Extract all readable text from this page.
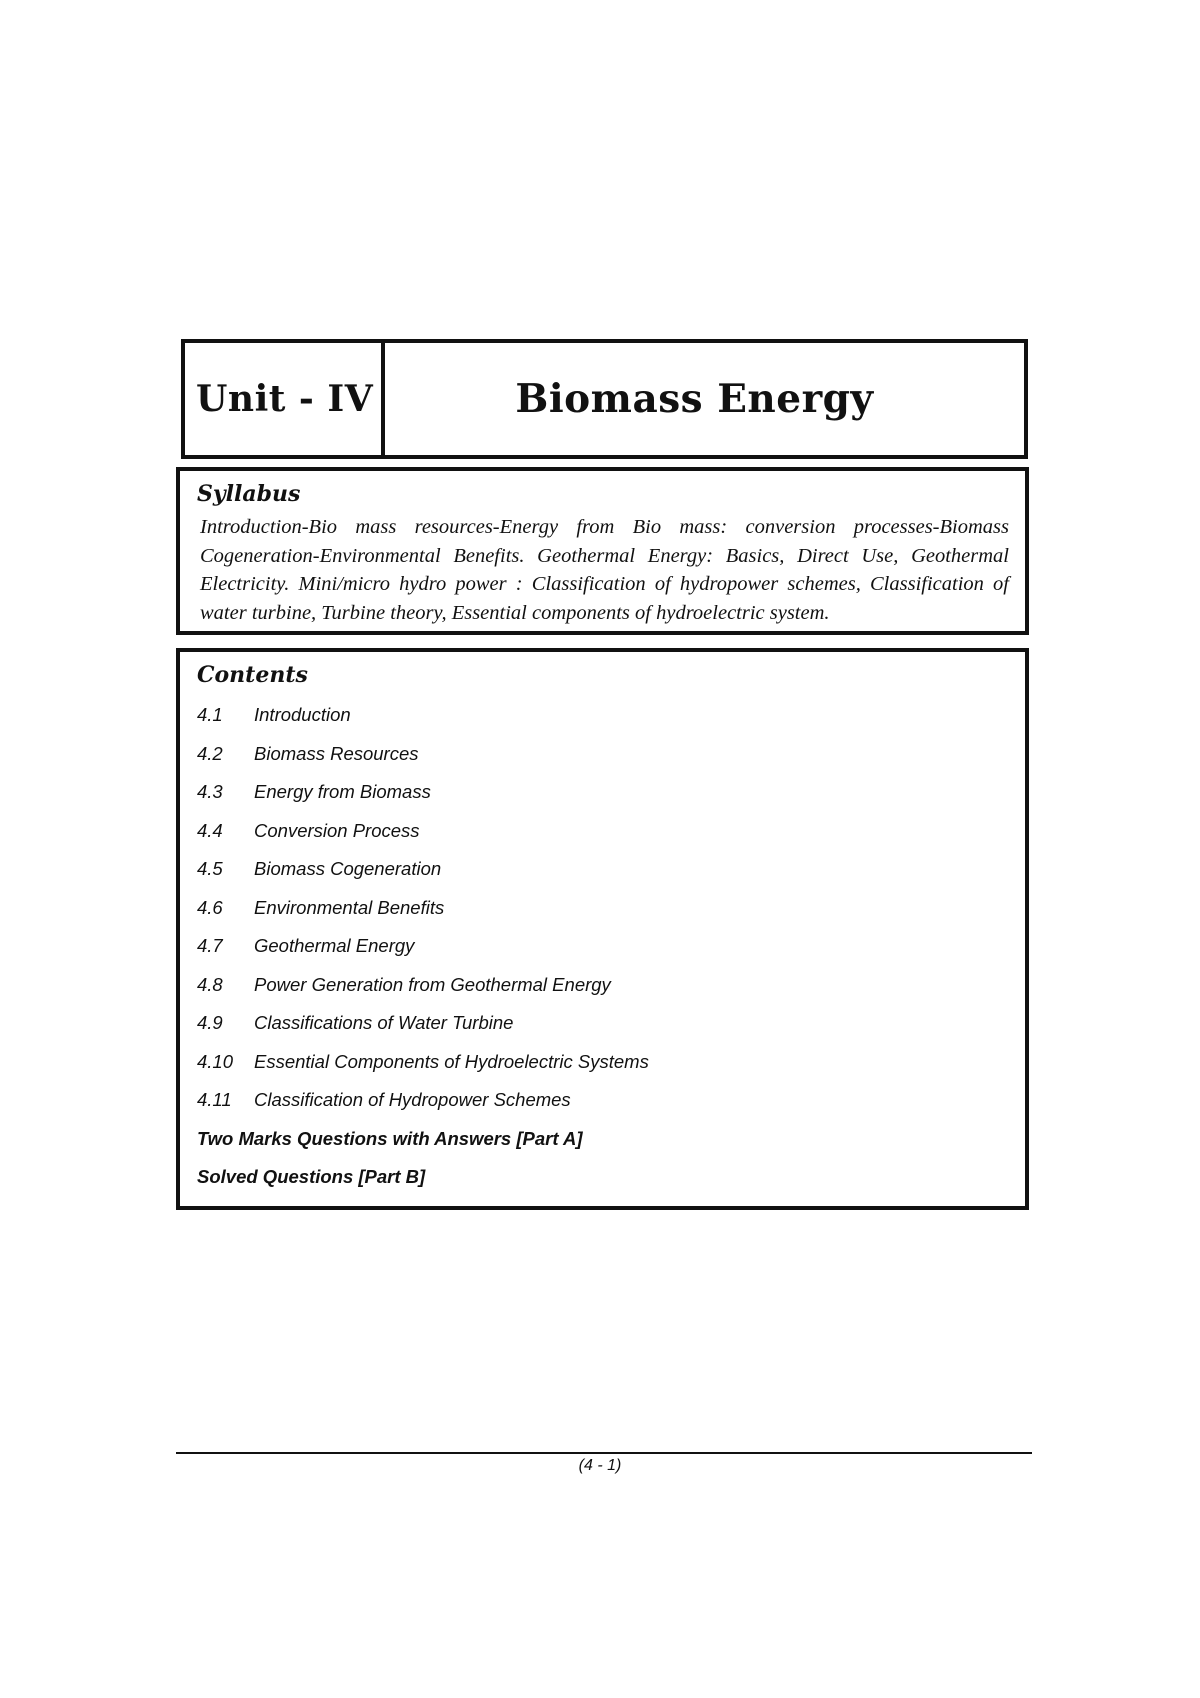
Unit - IV	Biomass Energy
Syllabus
Introduction-Bio mass resources-Energy from Bio mass: conversion processes-Biomass Cogeneration-Environmental Benefits. Geothermal Energy: Basics, Direct Use, Geothermal Electricity. Mini/micro hydro power : Classification of hydropower schemes, Classification of water turbine, Turbine theory, Essential components of hydroelectric system.
Contents
4.1	Introduction
4.2	Biomass Resources
4.3	Energy from Biomass
4.4	Conversion Process
4.5	Biomass Cogeneration
4.6	Environmental Benefits
4.7	Geothermal Energy
4.8	Power Generation from Geothermal Energy
4.9	Classifications of Water Turbine
4.10	Essential Components of Hydroelectric Systems
4.11	Classification of Hydropower Schemes
Two Marks Questions with Answers [Part A]
Solved Questions [Part B]
(4 - 1)
